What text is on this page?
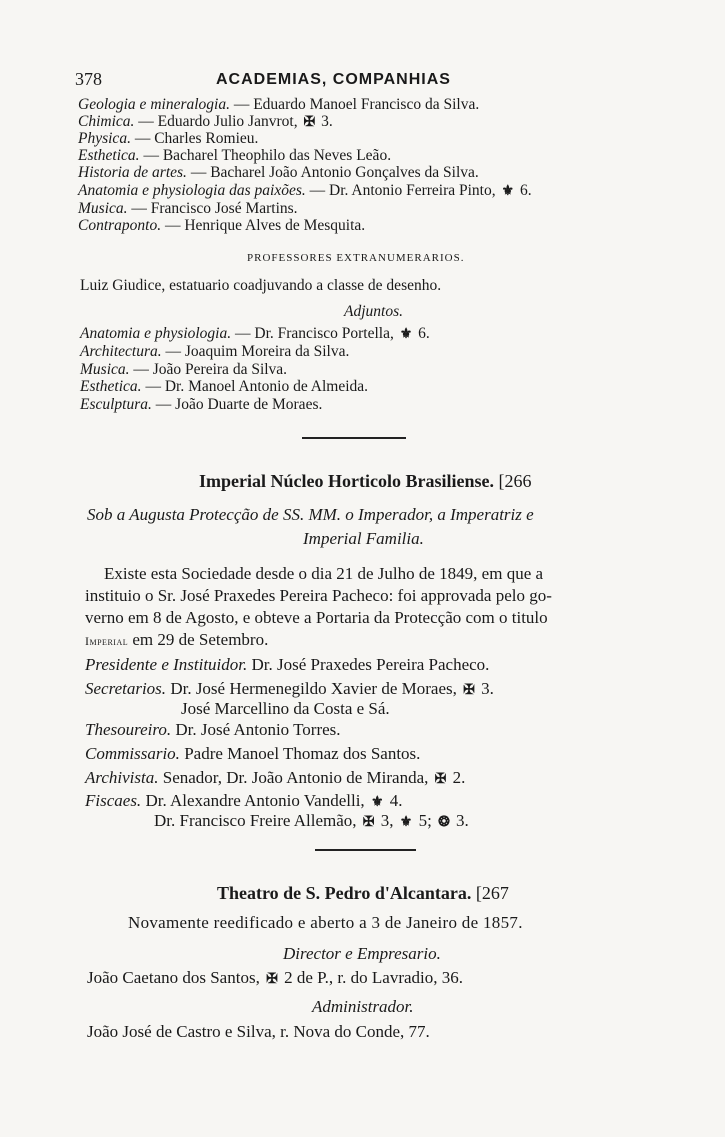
378	ACADEMIAS, COMPANHIAS
Geologia e mineralogia. — Eduardo Manoel Francisco da Silva.
Chimica. — Eduardo Julio Janvrot, ✠ 3.
Physica. — Charles Romieu.
Esthetica. — Bacharel Theophilo das Neves Leão.
Historia de artes. — Bacharel João Antonio Gonçalves da Silva.
Anatomia e physiologia das paixões. — Dr. Antonio Ferreira Pinto, ⚜ 6.
Musica. — Francisco José Martins.
Contraponto. — Henrique Alves de Mesquita.
PROFESSORES EXTRANUMERARIOS.
Luiz Giudice, estatuario coadjuvando a classe de desenho.
Adjuntos.
Anatomia e physiologia. — Dr. Francisco Portella, ⚜ 6.
Architectura. — Joaquim Moreira da Silva.
Musica. — João Pereira da Silva.
Esthetica. — Dr. Manoel Antonio de Almeida.
Esculptura. — João Duarte de Moraes.
Imperial Núcleo Horticolo Brasiliense. [266
Sob a Augusta Protecção de SS. MM. o Imperador, a Imperatriz e
Imperial Familia.
Existe esta Sociedade desde o dia 21 de Julho de 1849, em que a
instituio o Sr. José Praxedes Pereira Pacheco: foi approvada pelo go-
verno em 8 de Agosto, e obteve a Portaria da Protecção com o titulo
Imperial em 29 de Setembro.
Presidente e Instituidor. Dr. José Praxedes Pereira Pacheco.
Secretarios. Dr. José Hermenegildo Xavier de Moraes, ✠ 3.
José Marcellino da Costa e Sá.
Thesoureiro. Dr. José Antonio Torres.
Commissario. Padre Manoel Thomaz dos Santos.
Archivista. Senador, Dr. João Antonio de Miranda, ✠ 2.
Fiscaes. Dr. Alexandre Antonio Vandelli, ⚜ 4.
Dr. Francisco Freire Allemão, ✠ 3, ⚜ 5; ❂ 3.
Theatro de S. Pedro d'Alcantara. [267
Novamente reedificado e aberto a 3 de Janeiro de 1857.
Director e Empresario.
João Caetano dos Santos, ✠ 2 de P., r. do Lavradio, 36.
Administrador.
João José de Castro e Silva, r. Nova do Conde, 77.
